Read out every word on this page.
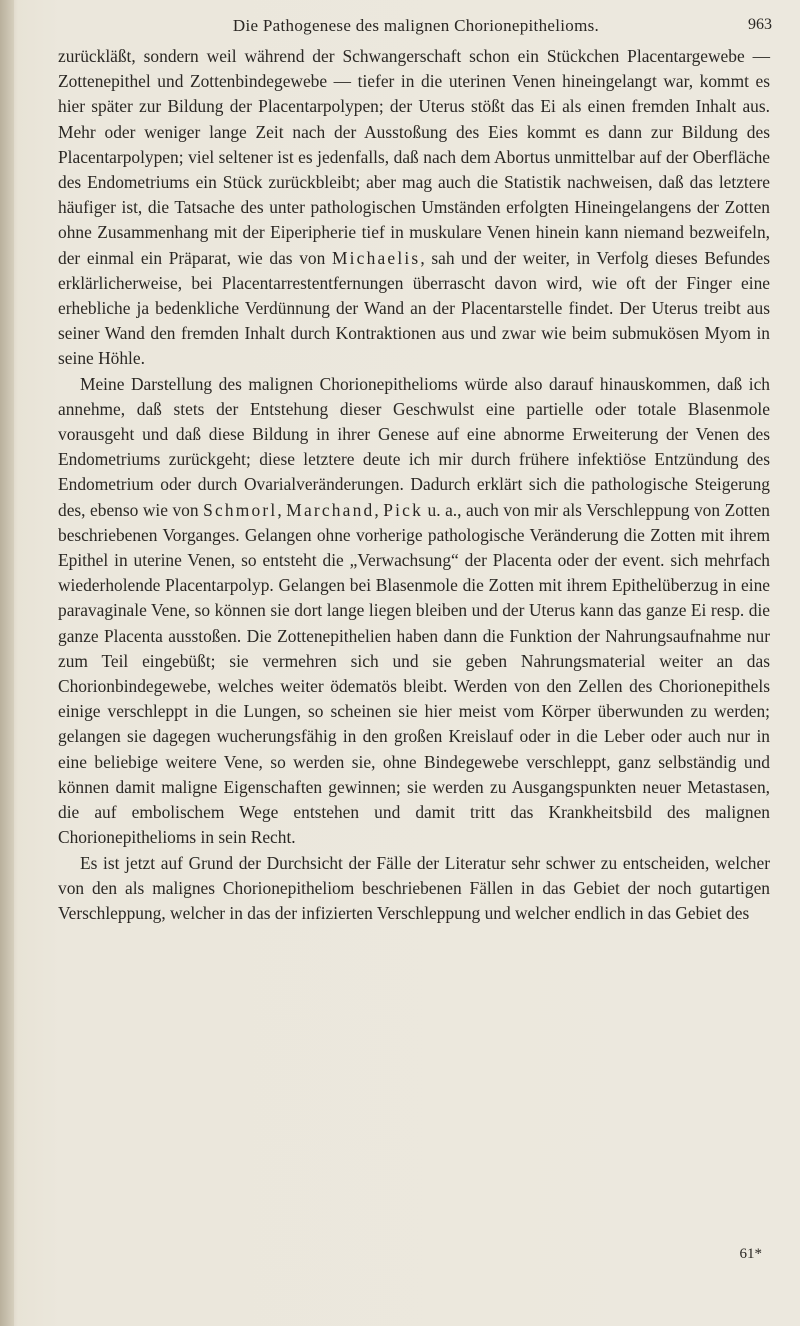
Die Pathogenese des malignen Chorionepithelioms.	963

zurückläßt, sondern weil während der Schwangerschaft schon ein Stückchen Placentargewebe — Zottenepithel und Zottenbindegewebe — tiefer in die uterinen Venen hineingelangt war, kommt es hier später zur Bildung der Placentarpolypen; der Uterus stößt das Ei als einen fremden Inhalt aus. Mehr oder weniger lange Zeit nach der Ausstoßung des Eies kommt es dann zur Bildung des Placentarpolypen; viel seltener ist es jedenfalls, daß nach dem Abortus unmittelbar auf der Oberfläche des Endometriums ein Stück zurückbleibt; aber mag auch die Statistik nachweisen, daß das letztere häufiger ist, die Tatsache des unter pathologischen Umständen erfolgten Hineingelangens der Zotten ohne Zusammenhang mit der Eiperipherie tief in muskulare Venen hinein kann niemand bezweifeln, der einmal ein Präparat, wie das von Michaelis, sah und der weiter, in Verfolg dieses Befundes erklärlicherweise, bei Placentarrestentfernungen überrascht davon wird, wie oft der Finger eine erhebliche ja bedenkliche Verdünnung der Wand an der Placentarstelle findet. Der Uterus treibt aus seiner Wand den fremden Inhalt durch Kontraktionen aus und zwar wie beim submukösen Myom in seine Höhle.

Meine Darstellung des malignen Chorionepithelioms würde also darauf hinauskommen, daß ich annehme, daß stets der Entstehung dieser Geschwulst eine partielle oder totale Blasenmole vorausgeht und daß diese Bildung in ihrer Genese auf eine abnorme Erweiterung der Venen des Endometriums zurückgeht; diese letztere deute ich mir durch frühere infektiöse Entzündung des Endometrium oder durch Ovarialveränderungen. Dadurch erklärt sich die pathologische Steigerung des, ebenso wie von Schmorl, Marchand, Pick u. a., auch von mir als Verschleppung von Zotten beschriebenen Vorganges. Gelangen ohne vorherige pathologische Veränderung die Zotten mit ihrem Epithel in uterine Venen, so entsteht die „Verwachsung“ der Placenta oder der event. sich mehrfach wiederholende Placentarpolyp. Gelangen bei Blasenmole die Zotten mit ihrem Epithelüberzug in eine paravaginale Vene, so können sie dort lange liegen bleiben und der Uterus kann das ganze Ei resp. die ganze Placenta ausstoßen. Die Zottenepithelien haben dann die Funktion der Nahrungsaufnahme nur zum Teil eingebüßt; sie vermehren sich und sie geben Nahrungsmaterial weiter an das Chorionbindegewebe, welches weiter ödematös bleibt. Werden von den Zellen des Chorionepithels einige verschleppt in die Lungen, so scheinen sie hier meist vom Körper überwunden zu werden; gelangen sie dagegen wucherungsfähig in den großen Kreislauf oder in die Leber oder auch nur in eine beliebige weitere Vene, so werden sie, ohne Bindegewebe verschleppt, ganz selbständig und können damit maligne Eigenschaften gewinnen; sie werden zu Ausgangspunkten neuer Metastasen, die auf embolischem Wege entstehen und damit tritt das Krankheitsbild des malignen Chorionepithelioms in sein Recht.

Es ist jetzt auf Grund der Durchsicht der Fälle der Literatur sehr schwer zu entscheiden, welcher von den als malignes Chorionepitheliom beschriebenen Fällen in das Gebiet der noch gutartigen Verschleppung, welcher in das der infizierten Verschleppung und welcher endlich in das Gebiet des

61*
